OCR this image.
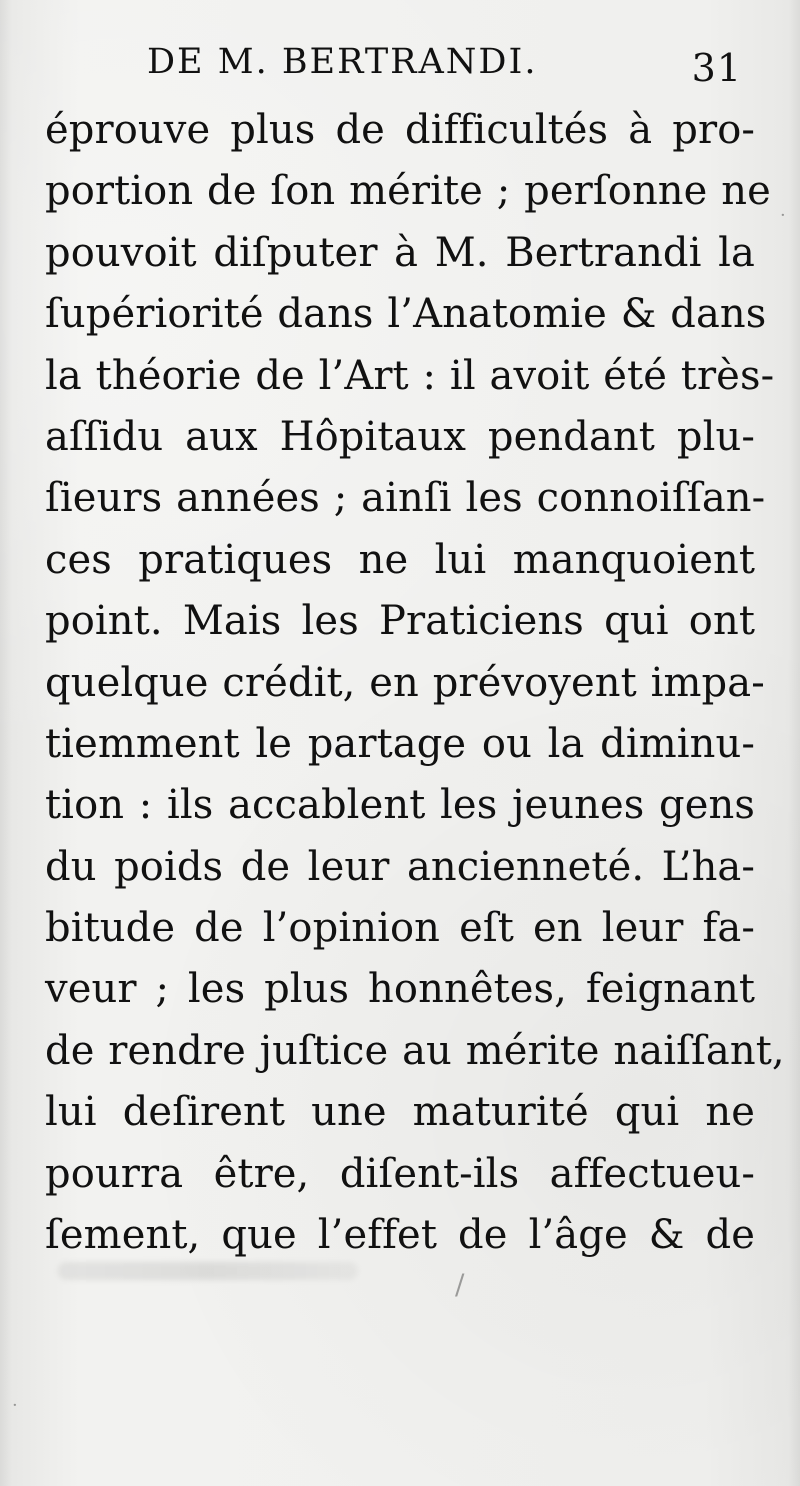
DE M. BERTRANDI.	31
éprouve plus de difficultés à pro-
portion de ſon mérite ; perſonne ne
pouvoit diſputer à M. Bertrandi la
ſupériorité dans l’Anatomie & dans
la théorie de l’Art : il avoit été très-
aſſidu aux Hôpitaux pendant plu-
ſieurs années ; ainſi les connoiſſan-
ces pratiques ne lui manquoient
point. Mais les Praticiens qui ont
quelque crédit, en prévoyent impa-
tiemment le partage ou la diminu-
tion : ils accablent les jeunes gens
du poids de leur ancienneté. L’ha-
bitude de l’opinion eſt en leur fa-
veur ; les plus honnêtes, feignant
de rendre juſtice au mérite naiſſant,
lui deſirent une maturité qui ne
pourra être, diſent-ils affectueu-
ſement, que l’effet de l’âge & de
/
·
·
